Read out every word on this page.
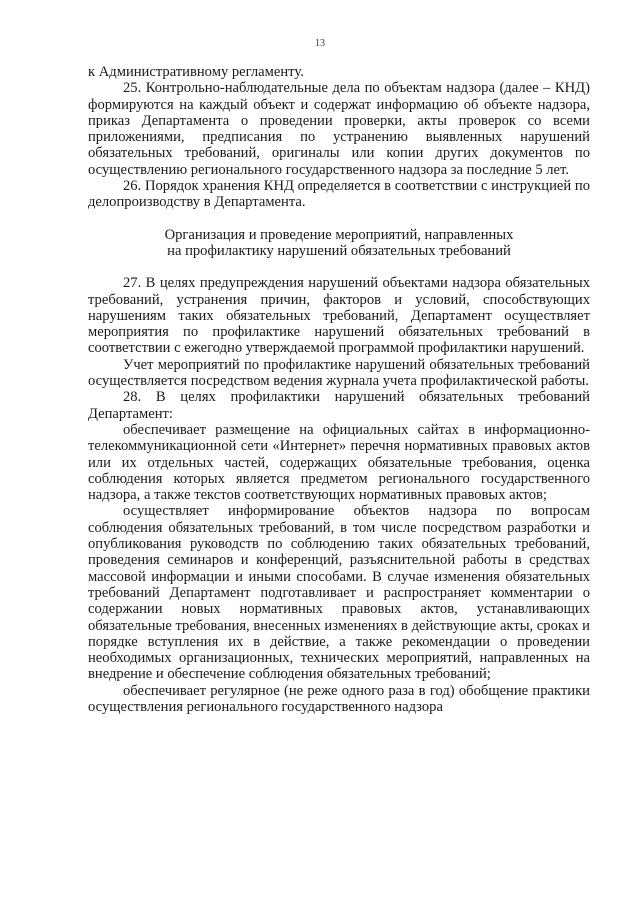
13

к Административному регламенту.

25. Контрольно-наблюдательные дела по объектам надзора (далее – КНД) формируются на каждый объект и содержат информацию об объекте надзора, приказ Департамента о проведении проверки, акты проверок со всеми приложениями, предписания по устранению выявленных нарушений обязательных требований, оригиналы или копии других документов по осуществлению регионального государственного надзора за последние 5 лет.

26. Порядок хранения КНД определяется в соответствии с инструкцией по делопроизводству в Департамента.

Организация и проведение мероприятий, направленных

на профилактику нарушений обязательных требований

27. В целях предупреждения нарушений объектами надзора обязательных требований, устранения причин, факторов и условий, способствующих нарушениям таких обязательных требований, Департамент осуществляет мероприятия по профилактике нарушений обязательных требований в соответствии с ежегодно утверждаемой программой профилактики нарушений.

Учет мероприятий по профилактике нарушений обязательных требований осуществляется посредством ведения журнала учета профилактической работы.

28. В целях профилактики нарушений обязательных требований Департамент:

обеспечивает размещение на официальных сайтах в информационно-телекоммуникационной сети «Интернет» перечня нормативных правовых актов или их отдельных частей, содержащих обязательные требования, оценка соблюдения которых является предметом регионального государственного надзора, а также текстов соответствующих нормативных правовых актов;

осуществляет информирование объектов надзора по вопросам соблюдения обязательных требований, в том числе посредством разработки и опубликования руководств по соблюдению таких обязательных требований, проведения семинаров и конференций, разъяснительной работы в средствах массовой информации и иными способами. В случае изменения обязательных требований Департамент подготавливает и распространяет комментарии о содержании новых нормативных правовых актов, устанавливающих обязательные требования, внесенных изменениях в действующие акты, сроках и порядке вступления их в действие, а также рекомендации о проведении необходимых организационных, технических мероприятий, направленных на внедрение и обеспечение соблюдения обязательных требований;

обеспечивает регулярное (не реже одного раза в год) обобщение практики осуществления регионального государственного надзора
